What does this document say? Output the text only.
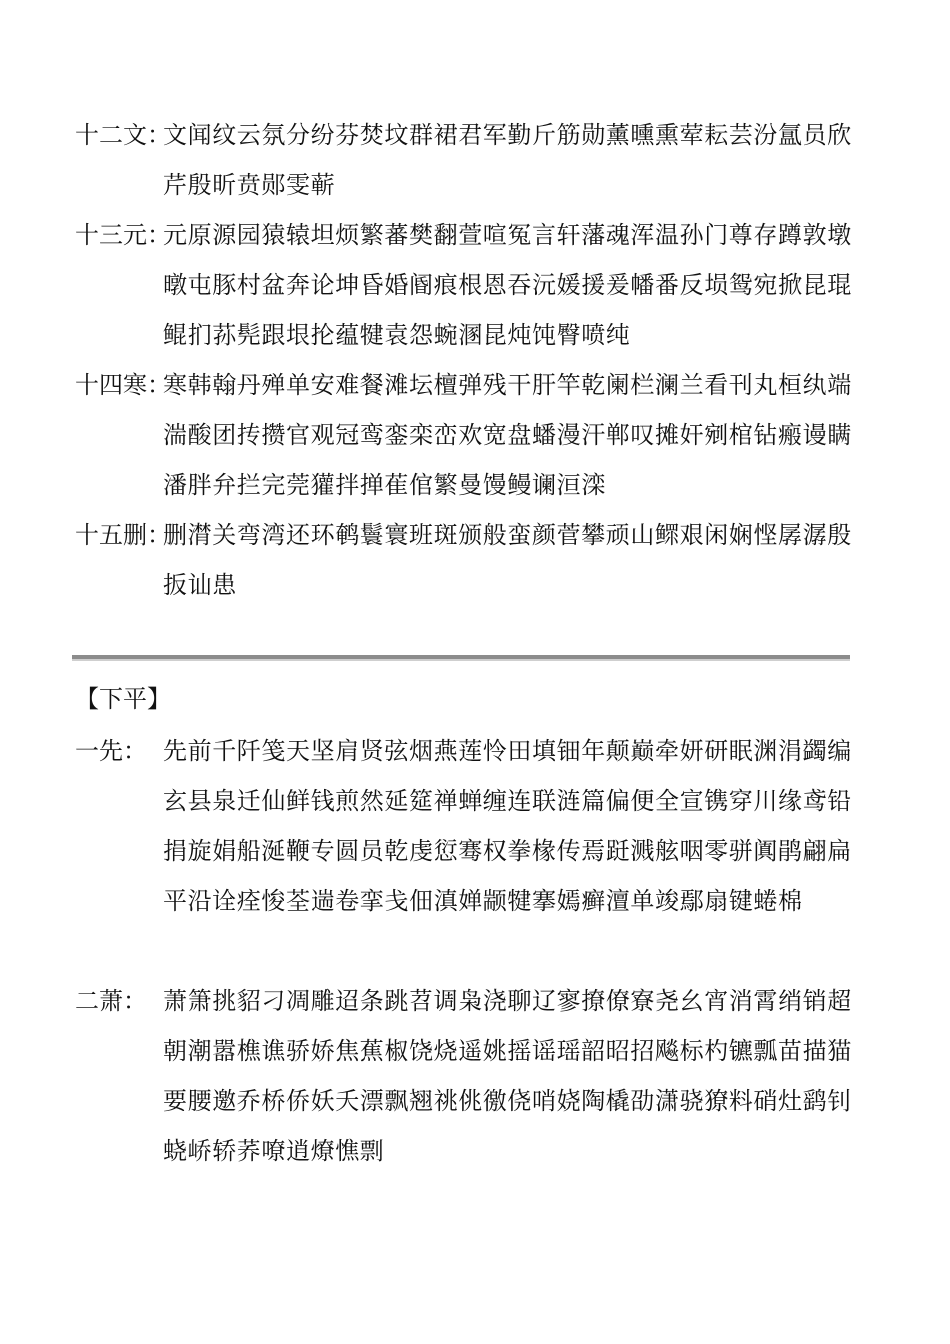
十二文：
文闻纹云氛分纷芬焚坟群裙君军勤斤筋勋薰曛熏荤耘芸汾氲员欣芹殷昕贲郧雯蕲
十三元：
元原源园猿辕坦烦繁蕃樊翻萱喧冤言轩藩魂浑温孙门尊存蹲敦墩暾屯豚村盆奔论坤昏婚阍痕根恩吞沅媛援爰幡番反埙鸳宛掀昆琨鲲扪荪髡跟垠抡蕴犍袁怨蜿溷昆炖饨臀喷纯
十四寒：
寒韩翰丹殚单安难餐滩坛檀弹残干肝竿乾阑栏澜兰看刊丸桓纨端湍酸团抟攒官观冠鸾銮栾峦欢宽盘蟠漫汗郸叹摊奸剜棺钻瘢谩瞒潘胖弁拦完莞獾拌掸萑倌繁曼馒鳗谰洹滦
十五删：
删潸关弯湾还环鹌鬟寰班斑颁般蛮颜菅攀顽山鳏艰闲娴悭孱潺殷扳讪患
【下平】
一先： 先前千阡笺天坚肩贤弦烟燕莲怜田填钿年颠巅牵妍研眠渊涓蠲编玄县泉迁仙鲜钱煎然延筵禅蝉缠连联涟篇偏便全宣镌穿川缘鸢铅捐旋娟船涎鞭专圆员乾虔愆骞权拳椽传焉跹溅舷咽零骈阗鹃翩扁平沿诠痊悛荃遄卷挛戋佃滇婵颛犍搴嫣癣澶单竣鄢扇键蜷棉
二萧： 萧箫挑貂刁凋雕迢条跳苕调枭浇聊辽寥撩僚寮尧幺宵消霄绡销超朝潮嚣樵谯骄娇焦蕉椒饶烧遥姚摇谣瑶韶昭招飚标杓镳瓢苗描猫要腰邀乔桥侨妖夭漂飘翘祧佻徼侥哨娆陶橇劭潇骁獠料硝灶鹞钊蛲峤轿荞嘹逍燎憔剽
